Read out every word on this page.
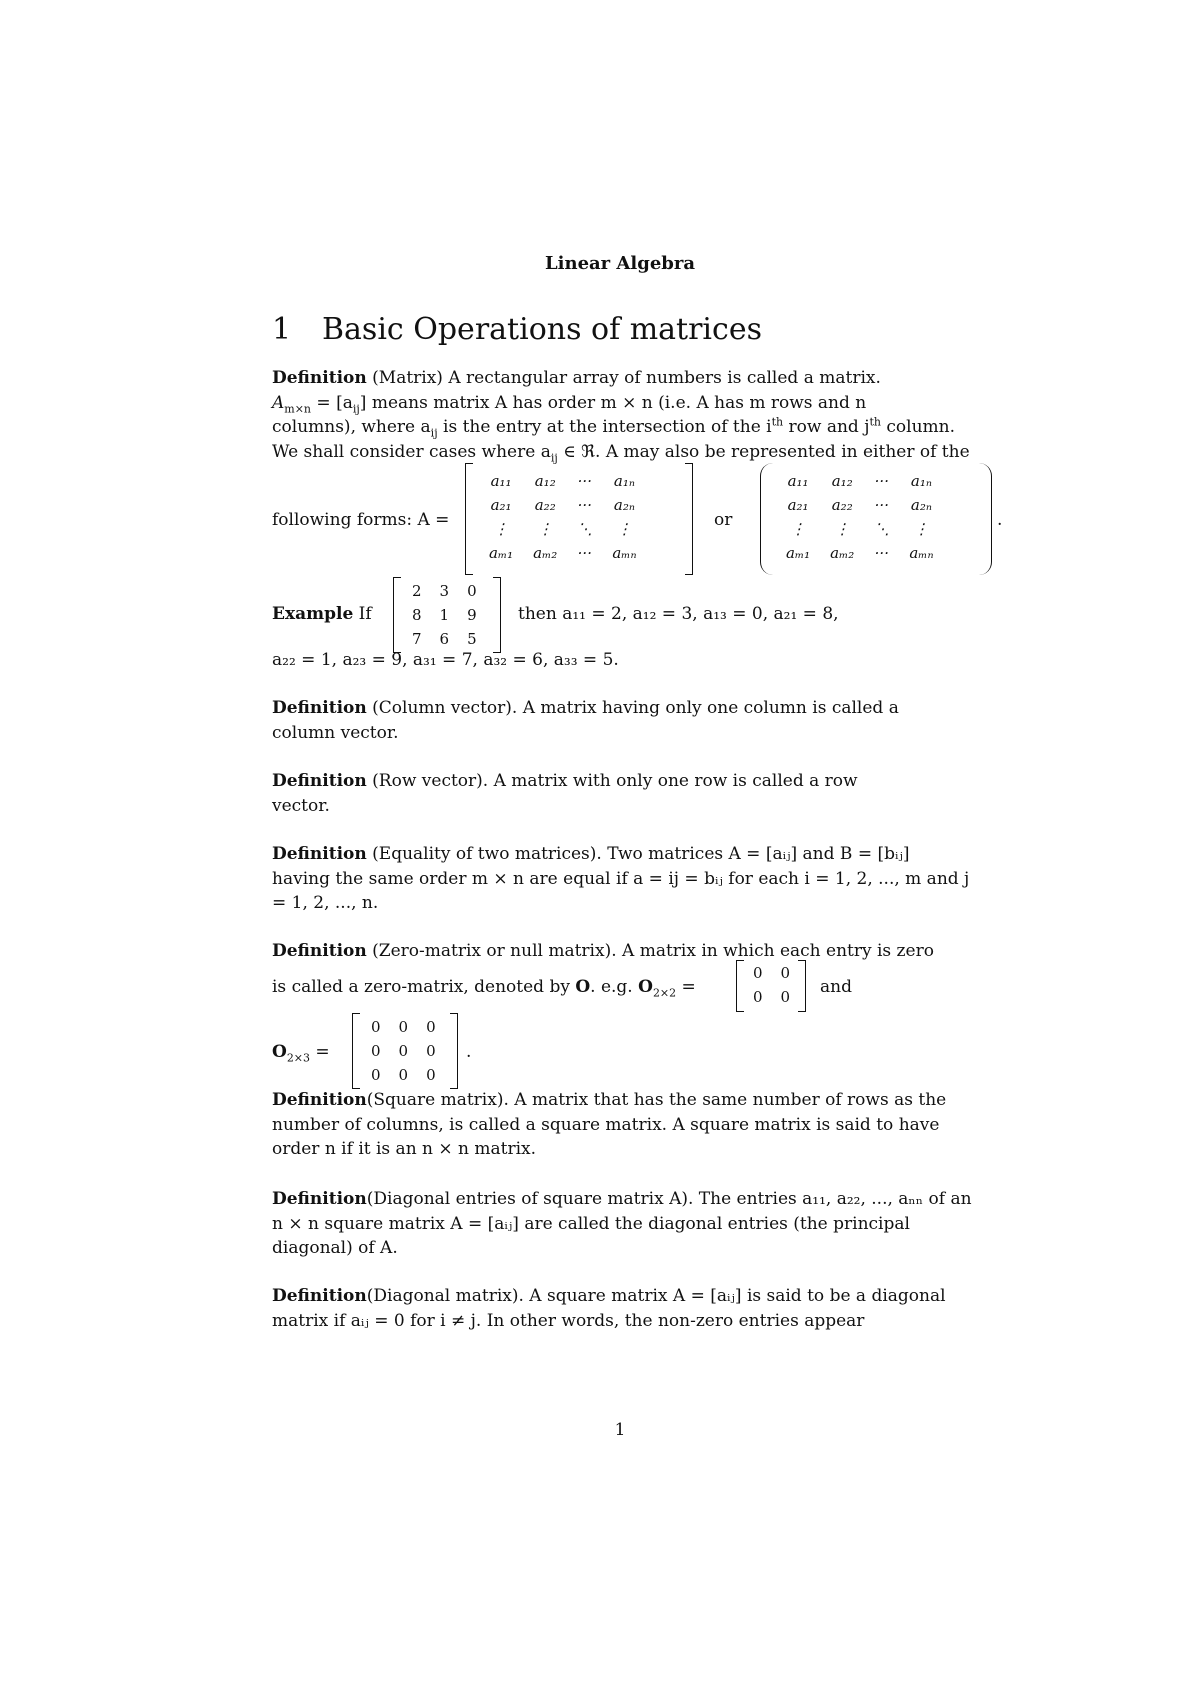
Linear Algebra
1 Basic Operations of matrices
Definition (Matrix) A rectangular array of numbers is called a matrix.
$A_{m\times n} = [a_{ij}]$ means matrix A has order m × n (i.e. A has m rows and n
columns), where $a_{ij}$ is the entry at the intersection of the $i^{th}$ row and $j^{th}$ column.
We shall consider cases where $a_{ij}$ ∈ ℜ. A may also be represented in either of the
following forms: A =
a₁₁	a₁₂	···	a₁ₙ
a₂₁	a₂₂	···	a₂ₙ
⋮	⋮	⋱	⋮
aₘ₁	aₘ₂	···	aₘₙ
or
a₁₁	a₁₂	···	a₁ₙ
a₂₁	a₂₂	···	a₂ₙ
⋮	⋮	⋱	⋮
aₘ₁	aₘ₂	···	aₘₙ
.
Example If
2	3	0
8	1	9
7	6	5
then a₁₁ = 2, a₁₂ = 3, a₁₃ = 0, a₂₁ = 8,
a₂₂ = 1, a₂₃ = 9, a₃₁ = 7, a₃₂ = 6, a₃₃ = 5.
Definition (Column vector). A matrix having only one column is called a column vector.
Definition (Row vector). A matrix with only one row is called a row vector.
Definition (Equality of two matrices). Two matrices A = [aᵢⱼ] and B = [bᵢⱼ] having the same order m × n are equal if a = ij = bᵢⱼ for each i = 1, 2, ..., m and j = 1, 2, ..., n.
Definition (Zero-matrix or null matrix). A matrix in which each entry is zero
is called a zero-matrix, denoted by O. e.g. $O_{2\times 2}$ =
0	0
0	0 and
$O_{2\times 3}$ =
0	0	0
0	0	0
0	0	0
.
Definition(Square matrix). A matrix that has the same number of rows as the number of columns, is called a square matrix. A square matrix is said to have order n if it is an n × n matrix.
Definition(Diagonal entries of square matrix A). The entries a₁₁, a₂₂, ..., aₙₙ of an n × n square matrix A = [aᵢⱼ] are called the diagonal entries (the principal diagonal) of A.
Definition(Diagonal matrix). A square matrix A = [aᵢⱼ] is said to be a diagonal matrix if aᵢⱼ = 0 for i ≠ j. In other words, the non-zero entries appear
1
